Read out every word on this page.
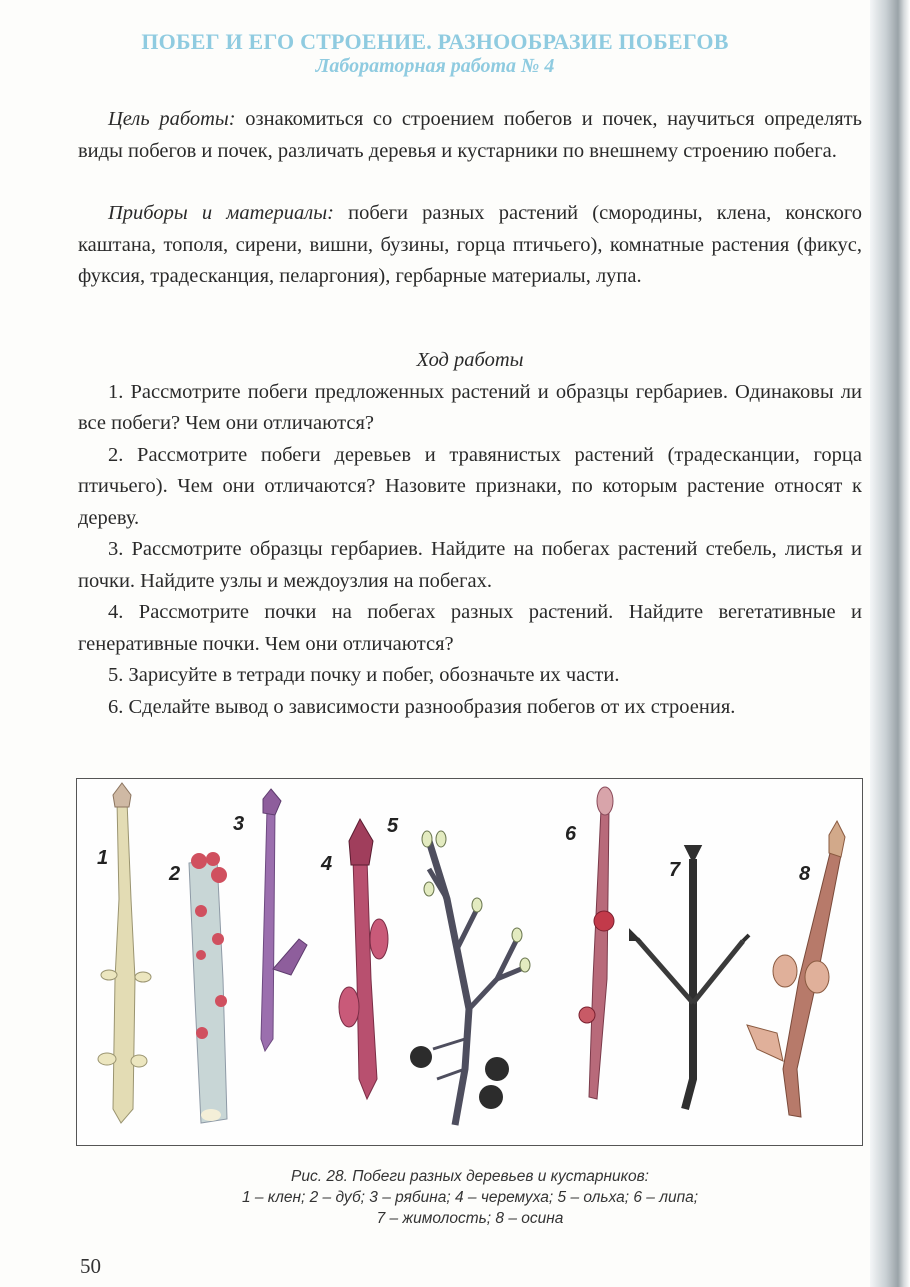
ПОБЕГ И ЕГО СТРОЕНИЕ. РАЗНООБРАЗИЕ ПОБЕГОВ
Лабораторная работа № 4

Цель работы: ознакомиться со строением побегов и почек, научиться определять виды побегов и почек, различать деревья и кустарники по внешнему строению побега.

Приборы и материалы: побеги разных растений (смородины, клена, конского каштана, тополя, сирени, вишни, бузины, горца птичьего), комнатные растения (фикус, фуксия, традесканция, пеларгония), гербарные материалы, лупа.

Ход работы

1. Рассмотрите побеги предложенных растений и образцы гербариев. Одинаковы ли все побеги? Чем они отличаются?

2. Рассмотрите побеги деревьев и травянистых растений (традесканции, горца птичьего). Чем они отличаются? Назовите признаки, по которым растение относят к дереву.

3. Рассмотрите образцы гербариев. Найдите на побегах растений стебель, листья и почки. Найдите узлы и междоузлия на побегах.

4. Рассмотрите почки на побегах разных растений. Найдите вегетативные и генеративные почки. Чем они отличаются?

5. Зарисуйте в тетради почку и побег, обозначьте их части.

6. Сделайте вывод о зависимости разнообразия побегов от их строения.

1
2
3
4
5	6
7	8
Рис. 28. Побеги разных деревьев и кустарников:
1 – клен; 2 – дуб; 3 – рябина; 4 – черемуха; 5 – ольха; 6 – липа;
7 – жимолость; 8 – осина
50
